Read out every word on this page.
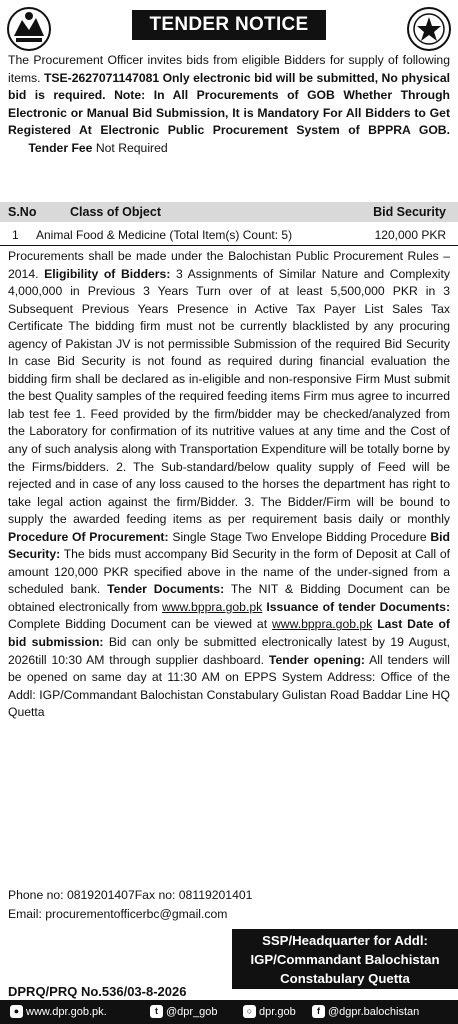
TENDER NOTICE
The Procurement Officer invites bids from eligible Bidders for supply of following items. TSE-2627071147081 Only electronic bid will be submitted, No physical bid is required. Note: In All Procurements of GOB Whether Through Electronic or Manual Bid Submission, It is Mandatory For All Bidders to Get Registered At Electronic Public Procurement System of BPPRA GOB.       Tender Fee Not Required
S.No	Class of Object	Bid Security
1 Animal Food & Medicine (Total Item(s) Count: 5)	120,000 PKR
Procurements shall be made under the Balochistan Public Procurement Rules – 2014. Eligibility of Bidders: 3 Assignments of Similar Nature and Complexity 4,000,000 in Previous 3 Years Turn over of at least 5,500,000 PKR in 3 Subsequent Previous Years Presence in Active Tax Payer List Sales Tax Certificate The bidding firm must not be currently blacklisted by any procuring agency of Pakistan JV is not permissible Submission of the required Bid Security In case Bid Security is not found as required during financial evaluation the bidding firm shall be declared as in-eligible and non-responsive Firm Must submit the best Quality samples of the required feeding items Firm mus agree to incurred lab test fee 1. Feed provided by the firm/bidder may be checked/analyzed from the Laboratory for confirmation of its nutritive values at any time and the Cost of any of such analysis along with Transportation Expenditure will be totally borne by the Firms/bidders. 2. The Sub-standard/below quality supply of Feed will be rejected and in case of any loss caused to the horses the department has right to take legal action against the firm/Bidder. 3. The Bidder/Firm will be bound to supply the awarded feeding items as per requirement basis daily or monthly Procedure Of Procurement: Single Stage Two Envelope Bidding Procedure Bid Security: The bids must accompany Bid Security in the form of Deposit at Call of amount 120,000 PKR specified above in the name of the under-signed from a scheduled bank. Tender Documents: The NIT & Bidding Document can be obtained electronically from www.bppra.gob.pk Issuance of tender Documents: Complete Bidding Document can be viewed at www.bppra.gob.pk Last Date of bid submission: Bid can only be submitted electronically latest by 19 August, 2026till 10:30 AM through supplier dashboard. Tender opening: All tenders will be opened on same day at 11:30 AM on EPPS System Address: Office of the Addl: IGP/Commandant Balochistan Constabulary Gulistan Road Baddar Line HQ Quetta
Phone no: 0819201407Fax no: 08119201401
Email: procurementofficerbc@gmail.com
SSP/Headquarter for Addl:
IGP/Commandant Balochistan
Constabulary Quetta
DPRQ/PRQ No.536/03-8-2026
● www.dpr.gob.pk.	t @dpr_gob	○ dpr.gob	f @dgpr.balochistan
